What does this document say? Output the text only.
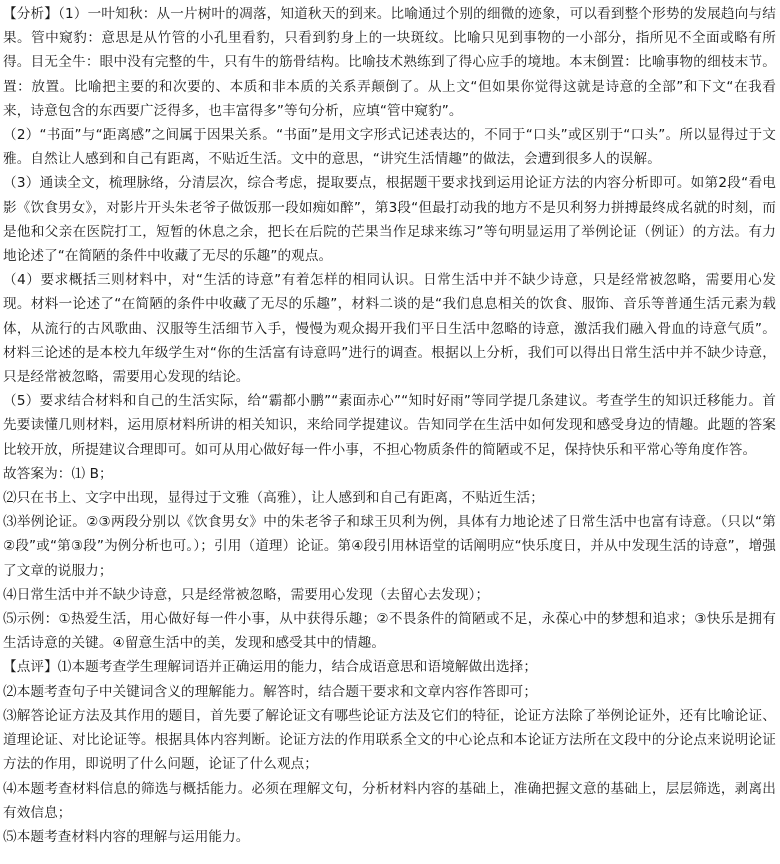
【分析】（1）一叶知秋：从一片树叶的凋落，知道秋天的到来。比喻通过个别的细微的迹象，可以看到整个形势的发展趋向与结果。管中窥豹：意思是从竹管的小孔里看豹，只看到豹身上的一块斑纹。比喻只见到事物的一小部分，指所见不全面或略有所得。目无全牛：眼中没有完整的牛，只有牛的筋骨结构。比喻技术熟练到了得心应手的境地。本末倒置：比喻事物的细枝末节。置：放置。比喻把主要的和次要的、本质和非本质的关系弄颠倒了。从上文“但如果你觉得这就是诗意的全部”和下文“在我看来，诗意包含的东西要广泛得多，也丰富得多”等句分析，应填“管中窥豹”。

（2）“书面”与“距离感”之间属于因果关系。“书面”是用文字形式记述表达的，不同于“口头”或区别于“口头”。所以显得过于文雅。自然让人感到和自己有距离，不贴近生活。文中的意思，“讲究生活情趣”的做法，会遭到很多人的误解。

（3）通读全文，梳理脉络，分清层次，综合考虑，提取要点，根据题干要求找到运用论证方法的内容分析即可。如第2段“看电影《饮食男女》，对影片开头朱老爷子做饭那一段如痴如醉”，第3段“但最打动我的地方不是贝利努力拼搏最终成名就的时刻，而是他和父亲在医院打工，短暂的休息之余，把长在后院的芒果当作足球来练习”等句明显运用了举例论证（例证）的方法。有力地论述了“在简陋的条件中收藏了无尽的乐趣”的观点。

（4）要求概括三则材料中，对“生活的诗意”有着怎样的相同认识。日常生活中并不缺少诗意，只是经常被忽略，需要用心发现。材料一论述了“在简陋的条件中收藏了无尽的乐趣”，材料二谈的是“我们息息相关的饮食、服饰、音乐等普通生活元素为载体，从流行的古风歌曲、汉服等生活细节入手，慢慢为观众揭开我们平日生活中忽略的诗意，激活我们融入骨血的诗意气质”。材料三论述的是本校九年级学生对“你的生活富有诗意吗”进行的调查。根据以上分析，我们可以得出日常生活中并不缺少诗意，只是经常被忽略，需要用心发现的结论。

（5）要求结合材料和自己的生活实际，给“霸都小鹏”“素面赤心”“知时好雨”等同学提几条建议。考查学生的知识迁移能力。首先要读懂几则材料，运用原材料所讲的相关知识，来给同学提建议。告知同学在生活中如何发现和感受身边的情趣。此题的答案比较开放，所提建议合理即可。如可从用心做好每一件小事，不担心物质条件的简陋或不足，保持快乐和平常心等角度作答。

故答案为：⑴ B；

⑵只在书上、文字中出现，显得过于文雅（高雅），让人感到和自己有距离，不贴近生活；

⑶举例论证。②③两段分别以《饮食男女》中的朱老爷子和球王贝利为例，具体有力地论述了日常生活中也富有诗意。（只以“第②段”或“第③段”为例分析也可。）；引用（道理）论证。第④段引用林语堂的话阐明应“快乐度日，并从中发现生活的诗意”，增强了文章的说服力；

⑷日常生活中并不缺少诗意，只是经常被忽略，需要用心发现（去留心去发现）；

⑸示例：①热爱生活，用心做好每一件小事，从中获得乐趣；②不畏条件的简陋或不足，永葆心中的梦想和追求；③快乐是拥有生活诗意的关键。④留意生活中的美，发现和感受其中的情趣。

【点评】⑴本题考查学生理解词语并正确运用的能力，结合成语意思和语境解做出选择；

⑵本题考查句子中关键词含义的理解能力。解答时，结合题干要求和文章内容作答即可；

⑶解答论证方法及其作用的题目，首先要了解论证文有哪些论证方法及它们的特征，论证方法除了举例论证外，还有比喻论证、道理论证、对比论证等。根据具体内容判断。论证方法的作用联系全文的中心论点和本论证方法所在文段中的分论点来说明论证方法的作用，即说明了什么问题，论证了什么观点；

⑷本题考查材料信息的筛选与概括能力。必须在理解文句，分析材料内容的基础上，准确把握文意的基础上，层层筛选，剥离出有效信息；

⑸本题考查材料内容的理解与运用能力。
